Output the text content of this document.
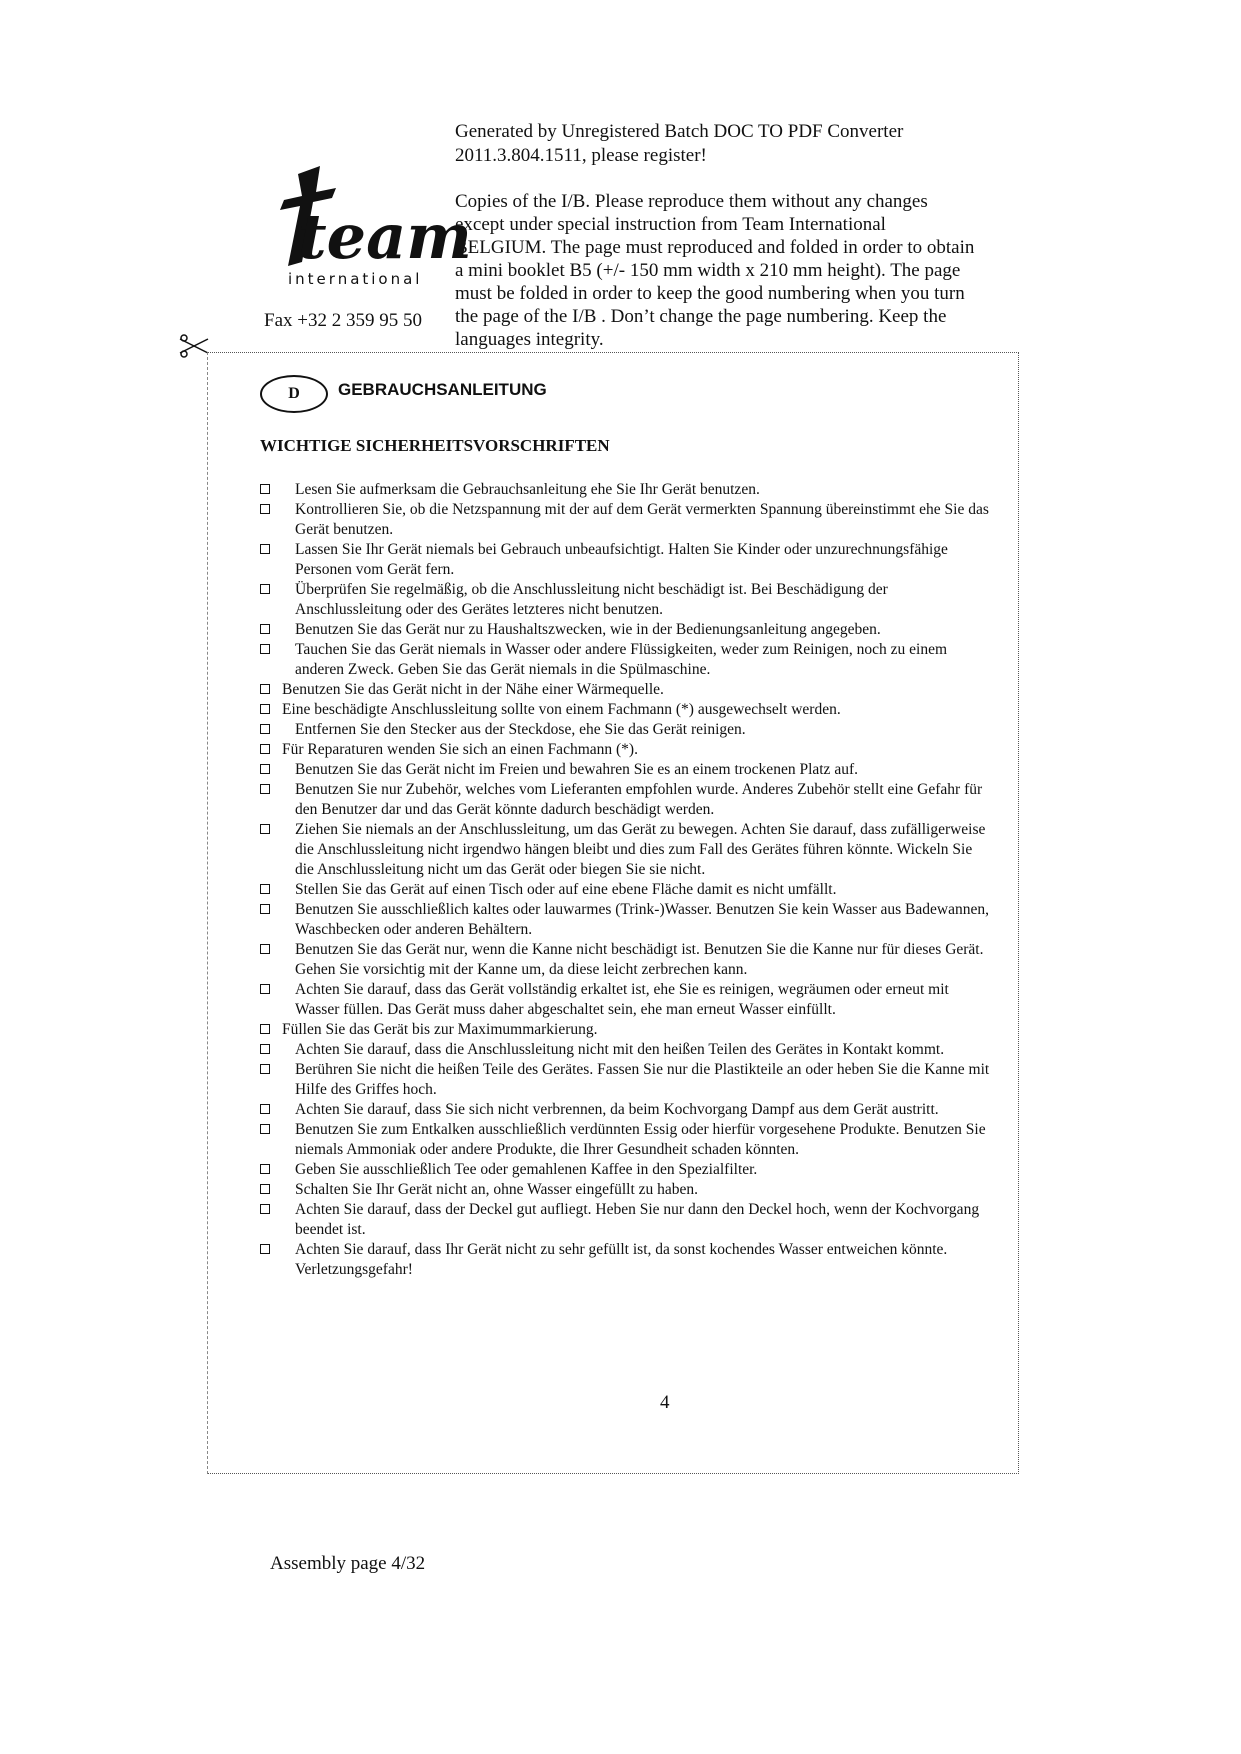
Generated by Unregistered Batch DOC TO PDF Converter 2011.3.804.1511, please register!
Copies of the I/B. Please reproduce them without any changes except under special instruction from Team International BELGIUM. The page must reproduced and folded in order to obtain a mini booklet B5 (+/- 150 mm width x 210 mm height). The page must be folded in order to keep the good numbering when you turn the page of the I/B . Don’t change the page numbering. Keep the languages integrity.
team
international
Fax +32 2 359 95 50
D	GEBRAUCHSANLEITUNG
WICHTIGE SICHERHEITSVORSCHRIFTEN
Lesen Sie aufmerksam die Gebrauchsanleitung ehe Sie Ihr Gerät benutzen.
Kontrollieren Sie, ob die Netzspannung mit der auf dem Gerät vermerkten Spannung übereinstimmt ehe Sie das Gerät benutzen.
Lassen Sie Ihr Gerät niemals bei Gebrauch unbeaufsichtigt. Halten Sie Kinder oder unzurechnungsfähige Personen vom Gerät fern.
Überprüfen Sie regelmäßig, ob die Anschlussleitung nicht beschädigt ist. Bei Beschädigung der Anschlussleitung oder des Gerätes letzteres nicht benutzen.
Benutzen Sie das Gerät nur zu Haushaltszwecken, wie in der Bedienungsanleitung angegeben.
Tauchen Sie das Gerät niemals in Wasser oder andere Flüssigkeiten, weder zum Reinigen, noch zu einem anderen Zweck. Geben Sie das Gerät niemals in die Spülmaschine.
Benutzen Sie das Gerät nicht in der Nähe einer Wärmequelle.
Eine beschädigte Anschlussleitung sollte von einem Fachmann (*) ausgewechselt werden.
Entfernen Sie den Stecker aus der Steckdose, ehe Sie das Gerät reinigen.
Für Reparaturen wenden Sie sich an einen Fachmann (*).
Benutzen Sie das Gerät nicht im Freien und bewahren Sie es an einem trockenen Platz auf.
Benutzen Sie nur Zubehör, welches vom Lieferanten empfohlen wurde. Anderes Zubehör stellt eine Gefahr für den Benutzer dar und das Gerät könnte dadurch beschädigt werden.
Ziehen Sie niemals an der Anschlussleitung, um das Gerät zu bewegen. Achten Sie darauf, dass zufälligerweise die Anschlussleitung nicht irgendwo hängen bleibt und dies zum Fall des Gerätes führen könnte. Wickeln Sie die Anschlussleitung nicht um das Gerät oder biegen Sie sie nicht.
Stellen Sie das Gerät auf einen Tisch oder auf eine ebene Fläche damit es nicht umfällt.
Benutzen Sie ausschließlich kaltes oder lauwarmes (Trink-)Wasser. Benutzen Sie kein Wasser aus Badewannen, Waschbecken oder anderen Behältern.
Benutzen Sie das Gerät nur, wenn die Kanne nicht beschädigt ist. Benutzen Sie die Kanne nur für dieses Gerät. Gehen Sie vorsichtig mit der Kanne um, da diese leicht zerbrechen kann.
Achten Sie darauf, dass das Gerät vollständig erkaltet ist, ehe Sie es reinigen, wegräumen oder erneut mit Wasser füllen. Das Gerät muss daher abgeschaltet sein, ehe man erneut Wasser einfüllt.
Füllen Sie das Gerät bis zur Maximummarkierung.
Achten Sie darauf, dass die Anschlussleitung nicht mit den heißen Teilen des Gerätes in Kontakt kommt.
Berühren Sie nicht die heißen Teile des Gerätes. Fassen Sie nur die Plastikteile an oder heben Sie die Kanne mit Hilfe des Griffes hoch.
Achten Sie darauf, dass Sie sich nicht verbrennen, da beim Kochvorgang Dampf aus dem Gerät austritt.
Benutzen Sie zum Entkalken ausschließlich verdünnten Essig oder hierfür vorgesehene Produkte. Benutzen Sie niemals Ammoniak oder andere Produkte, die Ihrer Gesundheit schaden könnten.
Geben Sie ausschließlich Tee oder gemahlenen Kaffee in den Spezialfilter.
Schalten Sie Ihr Gerät nicht an, ohne Wasser eingefüllt zu haben.
Achten Sie darauf, dass der Deckel gut aufliegt. Heben Sie nur dann den Deckel hoch, wenn der Kochvorgang beendet ist.
Achten Sie darauf, dass Ihr Gerät nicht zu sehr gefüllt ist, da sonst kochendes Wasser entweichen könnte. Verletzungsgefahr!
4
Assembly page 4/32
